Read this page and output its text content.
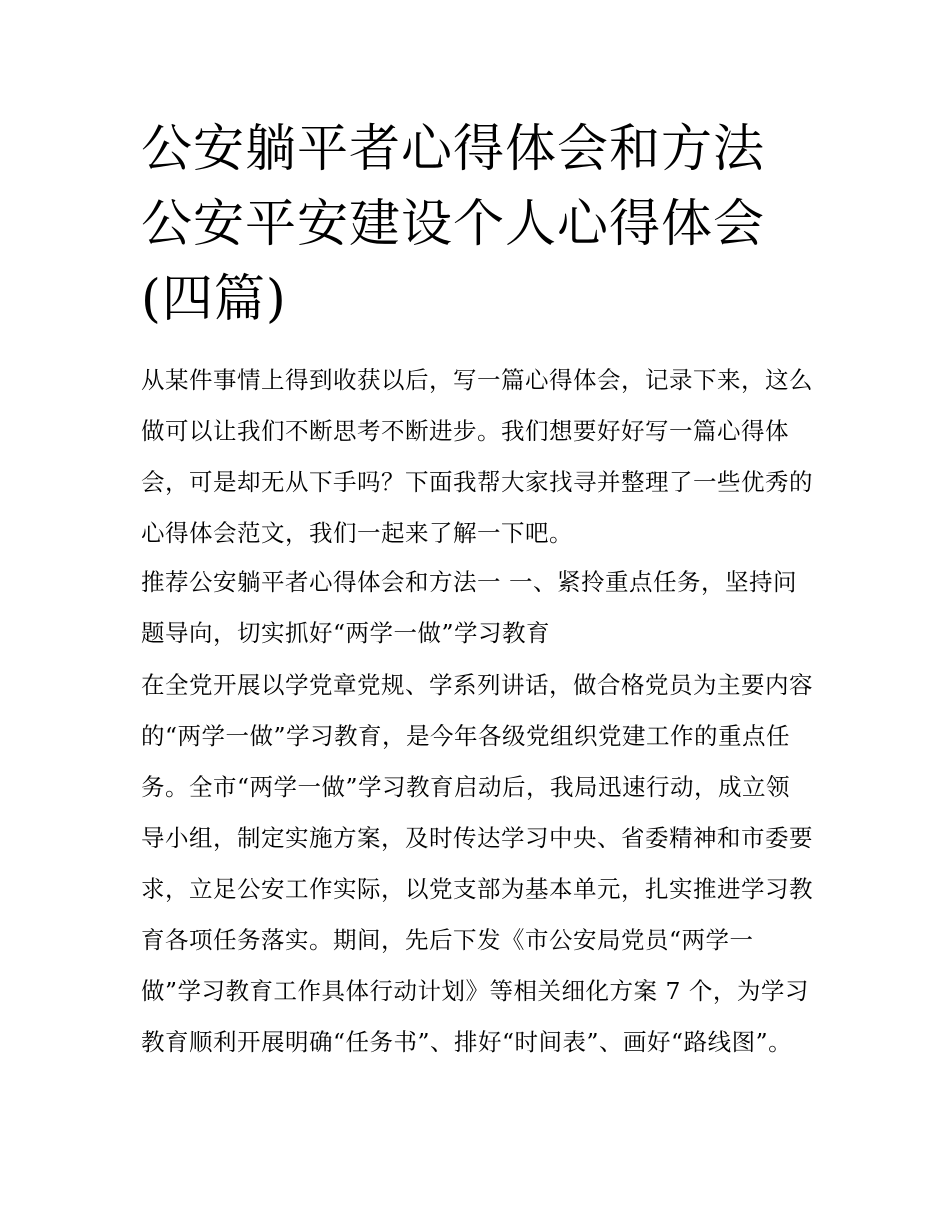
公安躺平者心得体会和方法 公安平安建设个人心得体会(四篇)

从某件事情上得到收获以后，写一篇心得体会，记录下来，这么做可以让我们不断思考不断进步。我们想要好好写一篇心得体会，可是却无从下手吗？下面我帮大家找寻并整理了一些优秀的心得体会范文，我们一起来了解一下吧。

推荐公安躺平者心得体会和方法一 一、紧拎重点任务，坚持问题导向，切实抓好“两学一做”学习教育

在全党开展以学党章党规、学系列讲话，做合格党员为主要内容的“两学一做”学习教育，是今年各级党组织党建工作的重点任务。全市“两学一做”学习教育启动后，我局迅速行动，成立领导小组，制定实施方案，及时传达学习中央、省委精神和市委要求，立足公安工作实际，以党支部为基本单元，扎实推进学习教育各项任务落实。期间，先后下发《市公安局党员“两学一做”学习教育工作具体行动计划》等相关细化方案 7 个，为学习教育顺利开展明确“任务书”、排好“时间表”、画好“路线图”。
